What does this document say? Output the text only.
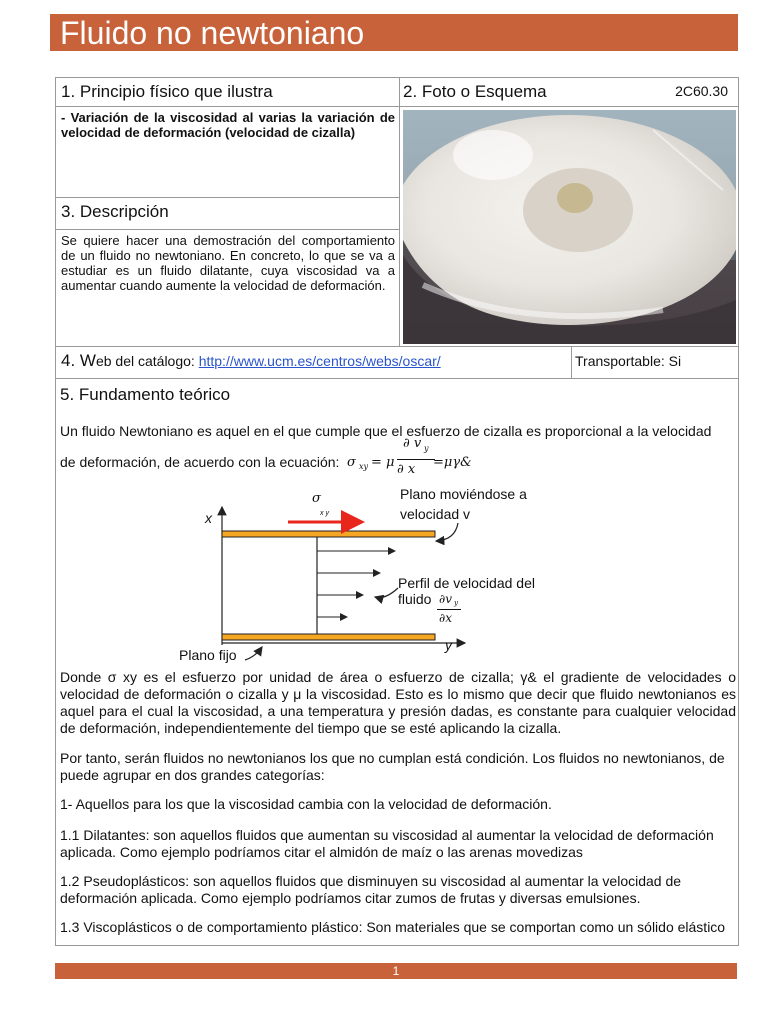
Fluido no newtoniano
1. Principio físico que ilustra	2. Foto o Esquema	2C60.30
- Variación de la viscosidad al varias la variación de velocidad de deformación (velocidad de cizalla)
3. Descripción
Se quiere hacer una demostración del comportamiento de un fluido no newtoniano. En concreto, lo que se va a estudiar es un fluido dilatante, cuya viscosidad va a aumentar cuando aumente la velocidad de deformación.
4. Web del catálogo: http://www.ucm.es/centros/webs/oscar/	Transportable: Si
5. Fundamento teórico
Un fluido Newtoniano es aquel en el que cumple que el esfuerzo de cizalla es proporcional a la velocidad
de deformación, de acuerdo con la ecuación: σ xy = μ
∂ v y
∂ x =μγ&
x
y
σ
x y
Plano moviéndose a
velocidad v
Perfil de velocidad del
fluido ∂v y
∂x
Plano fijo
Donde σ xy es el esfuerzo por unidad de área o esfuerzo de cizalla; γ& el gradiente de velocidades o velocidad de deformación o cizalla y μ la viscosidad. Esto es lo mismo que decir que fluido newtonianos es aquel para el cual la viscosidad, a una temperatura y presión dadas, es constante para cualquier velocidad de deformación, independientemente del tiempo que se esté aplicando la cizalla.
Por tanto, serán fluidos no newtonianos los que no cumplan está condición. Los fluidos no newtonianos, de puede agrupar en dos grandes categorías:
1- Aquellos para los que la viscosidad cambia con la velocidad de deformación.
1.1 Dilatantes: son aquellos fluidos que aumentan su viscosidad al aumentar la velocidad de deformación aplicada. Como ejemplo podríamos citar el almidón de maíz o las arenas movedizas
1.2 Pseudoplásticos: son aquellos fluidos que disminuyen su viscosidad al aumentar la velocidad de deformación aplicada. Como ejemplo podríamos citar zumos de frutas y diversas emulsiones.
1.3 Viscoplásticos o de comportamiento plástico: Son materiales que se comportan como un sólido elástico
1
